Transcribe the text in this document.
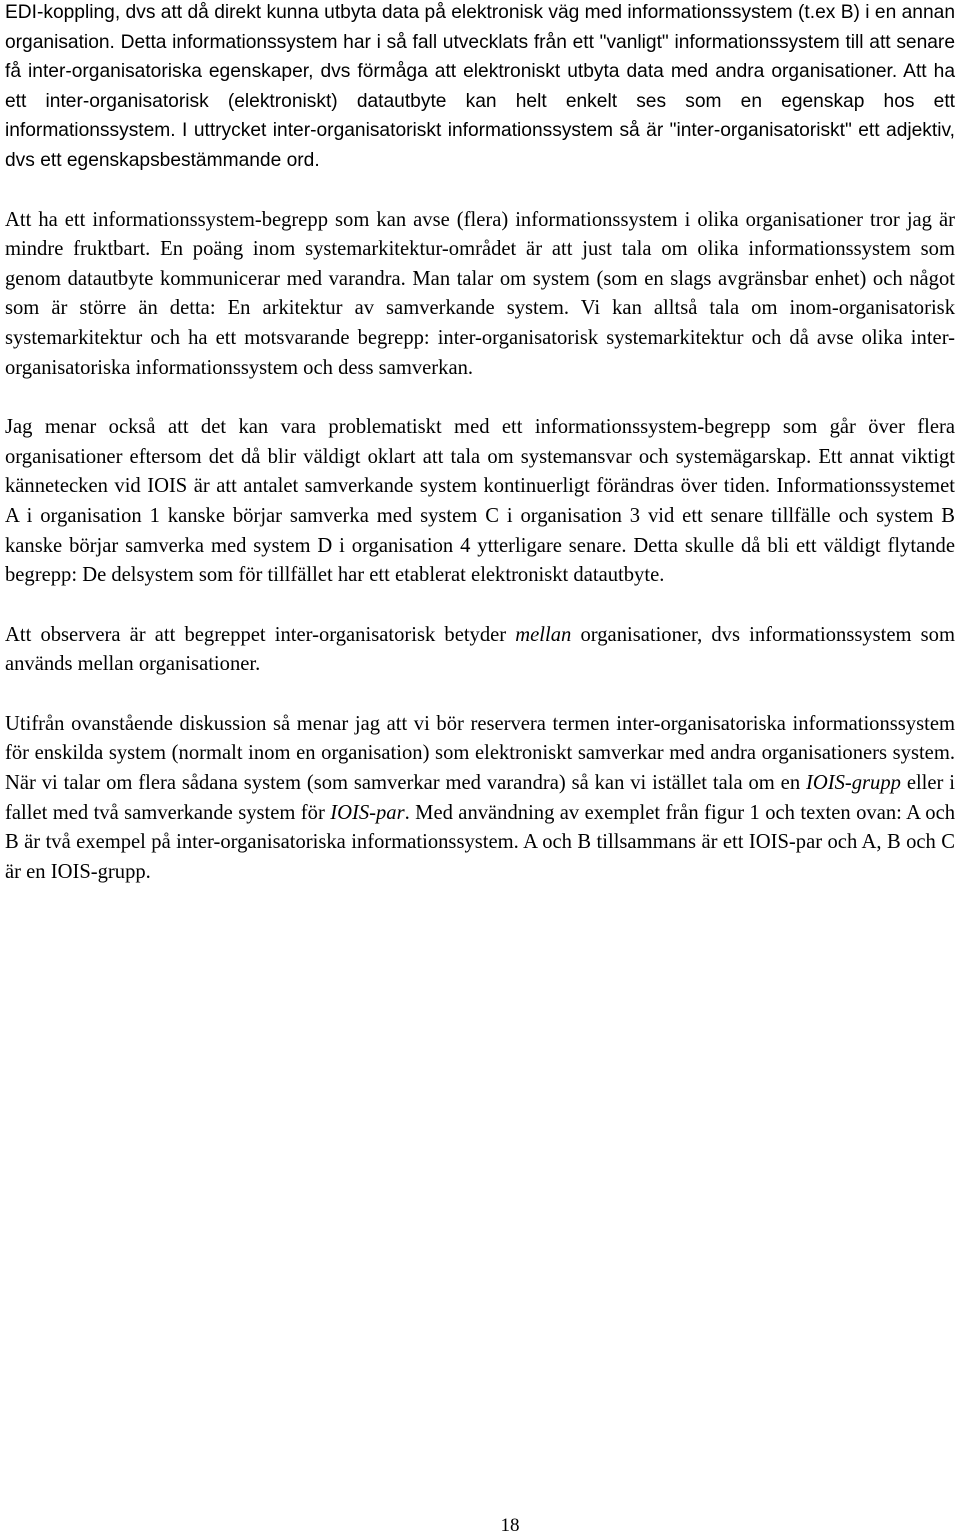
EDI-koppling, dvs att då direkt kunna utbyta data på elektronisk väg med informationssystem (t.ex B) i en annan organisation. Detta informationssystem har i så fall utvecklats från ett "vanligt" informationssystem till att senare få inter-organisatoriska egenskaper, dvs förmåga att elektroniskt utbyta data med andra organisationer. Att ha ett inter-organisatorisk (elektroniskt) datautbyte kan helt enkelt ses som en egenskap hos ett informationssystem. I uttrycket inter-organisatoriskt informationssystem så är "inter-organisatoriskt" ett adjektiv, dvs ett egenskapsbestämmande ord.

Att ha ett informationssystem-begrepp som kan avse (flera) informationssystem i olika organisationer tror jag är mindre fruktbart. En poäng inom systemarkitektur-området är att just tala om olika informationssystem som genom datautbyte kommunicerar med varandra. Man talar om system (som en slags avgränsbar enhet) och något som är större än detta: En arkitektur av samverkande system. Vi kan alltså tala om inom-organisatorisk systemarkitektur och ha ett motsvarande begrepp: inter-organisatorisk systemarkitektur och då avse olika inter-organisatoriska informationssystem och dess samverkan.

Jag menar också att det kan vara problematiskt med ett informationssystem-begrepp som går över flera organisationer eftersom det då blir väldigt oklart att tala om systemansvar och systemägarskap. Ett annat viktigt kännetecken vid IOIS är att antalet samverkande system kontinuerligt förändras över tiden. Informationssystemet A i organisation 1 kanske börjar samverka med system C i organisation 3 vid ett senare tillfälle och system B kanske börjar samverka med system D i organisation 4 ytterligare senare. Detta skulle då bli ett väldigt flytande begrepp: De delsystem som för tillfället har ett etablerat elektroniskt datautbyte.

Att observera är att begreppet inter-organisatorisk betyder mellan organisationer, dvs informationssystem som används mellan organisationer.

Utifrån ovanstående diskussion så menar jag att vi bör reservera termen inter-organisatoriska informationssystem för enskilda system (normalt inom en organisation) som elektroniskt samverkar med andra organisationers system. När vi talar om flera sådana system (som samverkar med varandra) så kan vi istället tala om en IOIS-grupp eller i fallet med två samverkande system för IOIS-par. Med användning av exemplet från figur 1 och texten ovan: A och B är två exempel på inter-organisatoriska informationssystem. A och B tillsammans är ett IOIS-par och A, B och C är en IOIS-grupp.

18
